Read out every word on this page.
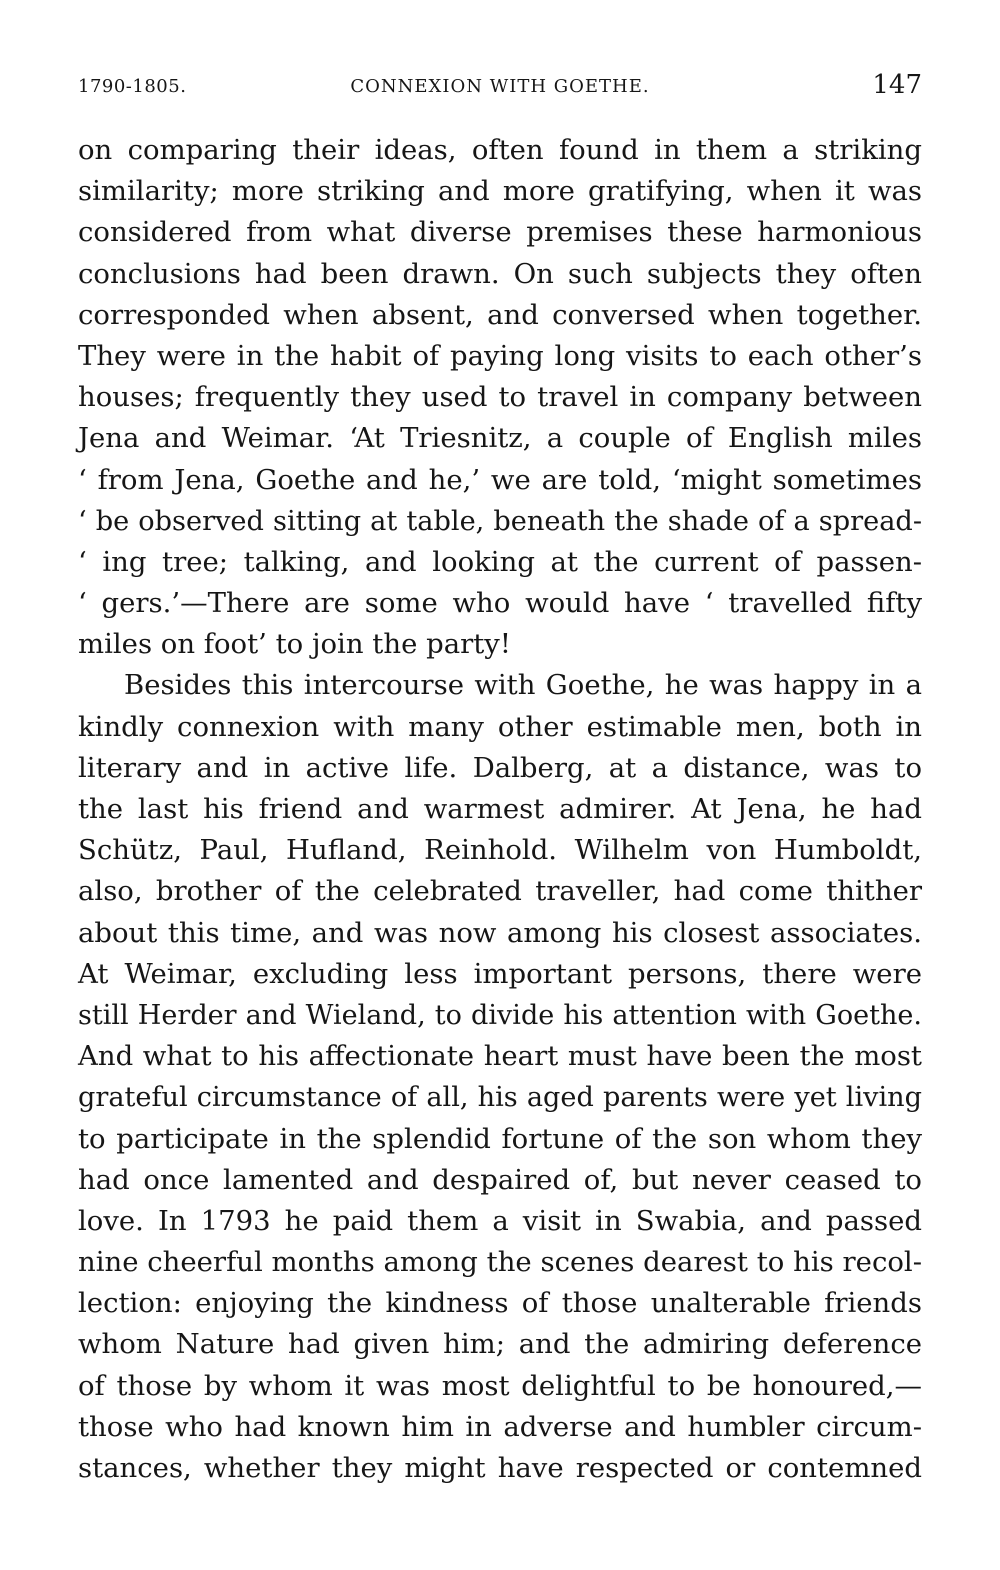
1790-1805.	CONNEXION WITH GOETHE.	147
on comparing their ideas, often found in them a striking
similarity; more striking and more gratifying, when it was
considered from what diverse premises these harmonious
conclusions had been drawn. On such subjects they often
corresponded when absent, and conversed when together.
They were in the habit of paying long visits to each other’s
houses; frequently they used to travel in company between
Jena and Weimar. ‘At Triesnitz, a couple of English miles
‘ from Jena, Goethe and he,’ we are told, ‘might sometimes
‘ be observed sitting at table, beneath the shade of a spread-
‘ ing tree; talking, and looking at the current of passen-
‘ gers.’—There are some who would have ‘ travelled fifty
miles on foot’ to join the party!
Besides this intercourse with Goethe, he was happy in a
kindly connexion with many other estimable men, both in
literary and in active life. Dalberg, at a distance, was to
the last his friend and warmest admirer. At Jena, he had
Schütz, Paul, Hufland, Reinhold. Wilhelm von Humboldt,
also, brother of the celebrated traveller, had come thither
about this time, and was now among his closest associates.
At Weimar, excluding less important persons, there were
still Herder and Wieland, to divide his attention with Goethe.
And what to his affectionate heart must have been the most
grateful circumstance of all, his aged parents were yet living
to participate in the splendid fortune of the son whom they
had once lamented and despaired of, but never ceased to
love. In 1793 he paid them a visit in Swabia, and passed
nine cheerful months among the scenes dearest to his recol-
lection: enjoying the kindness of those unalterable friends
whom Nature had given him; and the admiring deference
of those by whom it was most delightful to be honoured,—
those who had known him in adverse and humbler circum-
stances, whether they might have respected or contemned
